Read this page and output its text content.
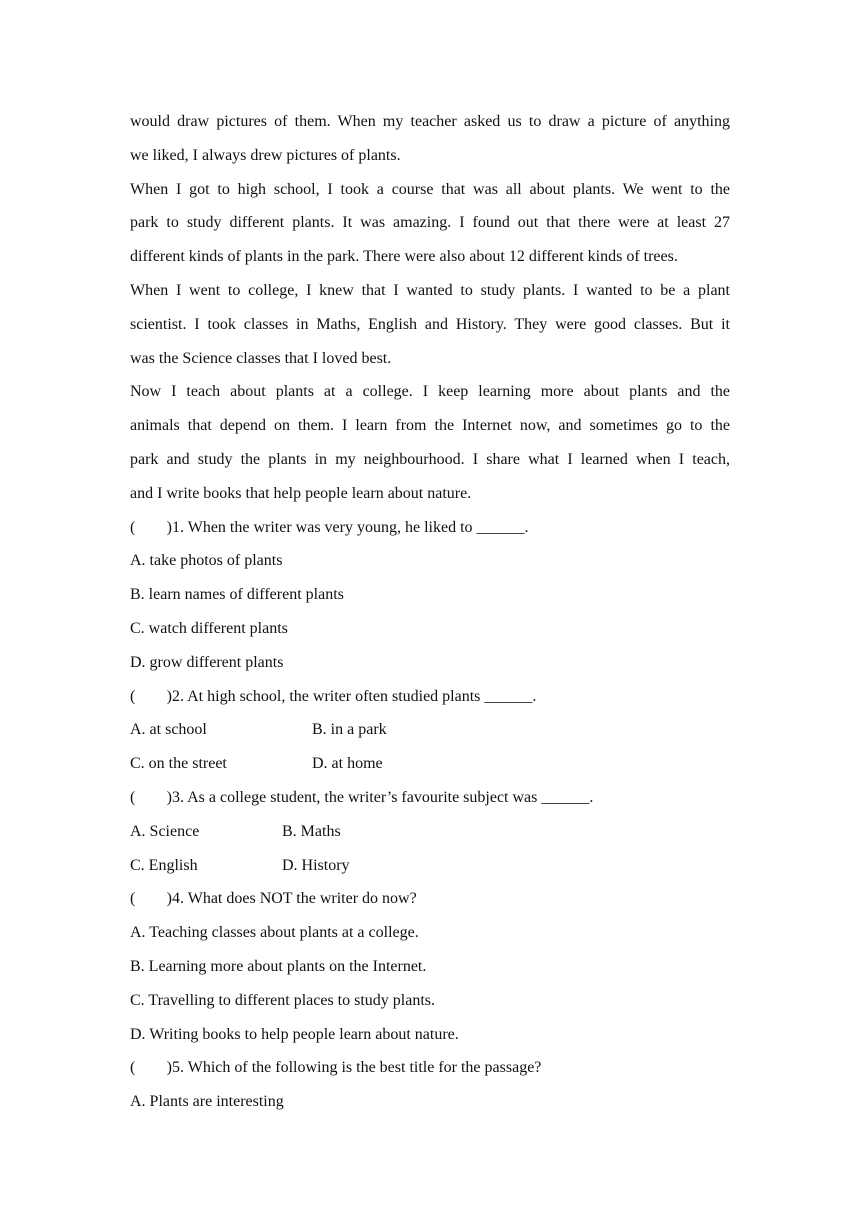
would draw pictures of them. When my teacher asked us to draw a picture of anything
we liked, I always drew pictures of plants.
When I got to high school, I took a course that was all about plants. We went to the
park to study different plants. It was amazing. I found out that there were at least 27
different kinds of plants in the park. There were also about 12 different kinds of trees.
When I went to college, I knew that I wanted to study plants. I wanted to be a plant
scientist. I took classes in Maths, English and History. They were good classes. But it
was the Science classes that I loved best.
Now I teach about plants at a college. I keep learning more about plants and the
animals that depend on them. I learn from the Internet now, and sometimes go to the
park and study the plants in my neighbourhood. I share what I learned when I teach,
and I write books that help people learn about nature.
( ) 1. When the writer was very young, he liked to ______.
A. take photos of plants
B. learn names of different plants
C. watch different plants
D. grow different plants
( ) 2. At high school, the writer often studied plants ______.
A. at school	B. in a park
C. on the street	D. at home
( ) 3. As a college student, the writer’s favourite subject was ______.
A. Science	B. Maths
C. English	D. History
( ) 4. What does NOT the writer do now?
A. Teaching classes about plants at a college.
B. Learning more about plants on the Internet.
C. Travelling to different places to study plants.
D. Writing books to help people learn about nature.
( ) 5. Which of the following is the best title for the passage?
A. Plants are interesting
